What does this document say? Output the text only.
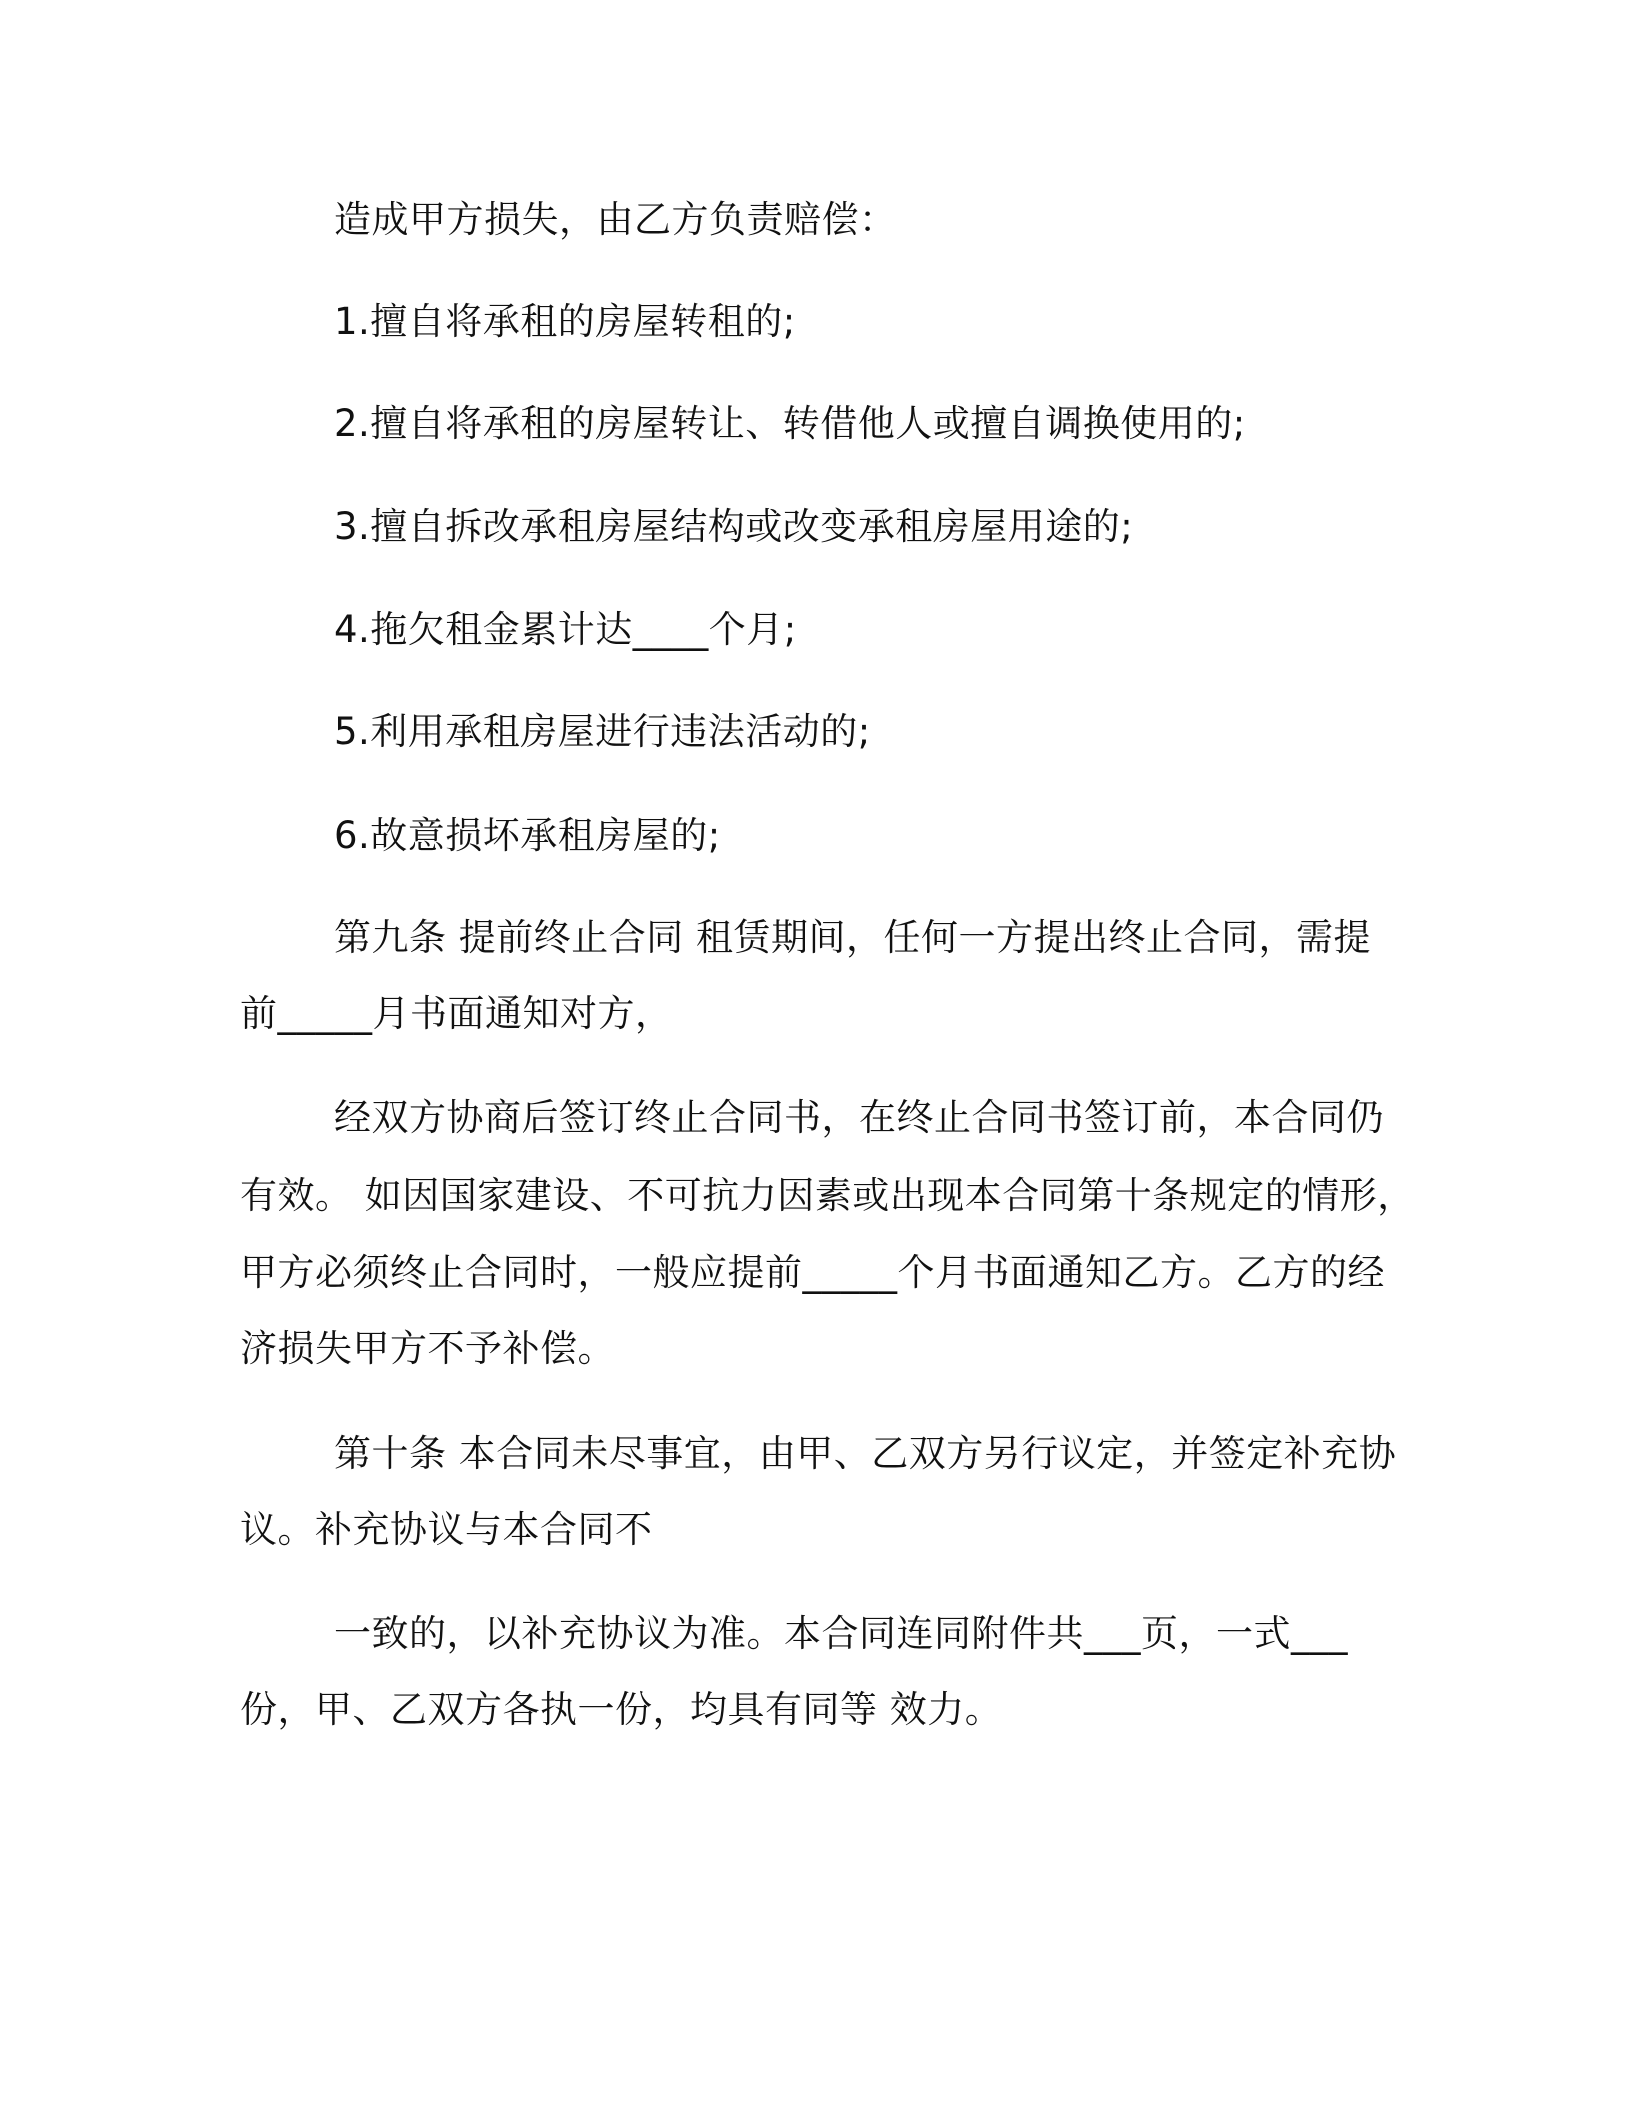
造成甲方损失，由乙方负责赔偿：
1.擅自将承租的房屋转租的;
2.擅自将承租的房屋转让、转借他人或擅自调换使用的;
3.擅自拆改承租房屋结构或改变承租房屋用途的;
4.拖欠租金累计达____个月;
5.利用承租房屋进行违法活动的;
6.故意损坏承租房屋的;
第九条 提前终止合同 租赁期间，任何一方提出终止合同，需提
前_____月书面通知对方，
经双方协商后签订终止合同书，在终止合同书签订前，本合同仍
有效。 如因国家建设、不可抗力因素或出现本合同第十条规定的情形，
甲方必须终止合同时，一般应提前_____个月书面通知乙方。乙方的经
济损失甲方不予补偿。
第十条 本合同未尽事宜，由甲、乙双方另行议定，并签定补充协
议。补充协议与本合同不
一致的，以补充协议为准。本合同连同附件共___页，一式___
份，甲、乙双方各执一份，均具有同等 效力。
